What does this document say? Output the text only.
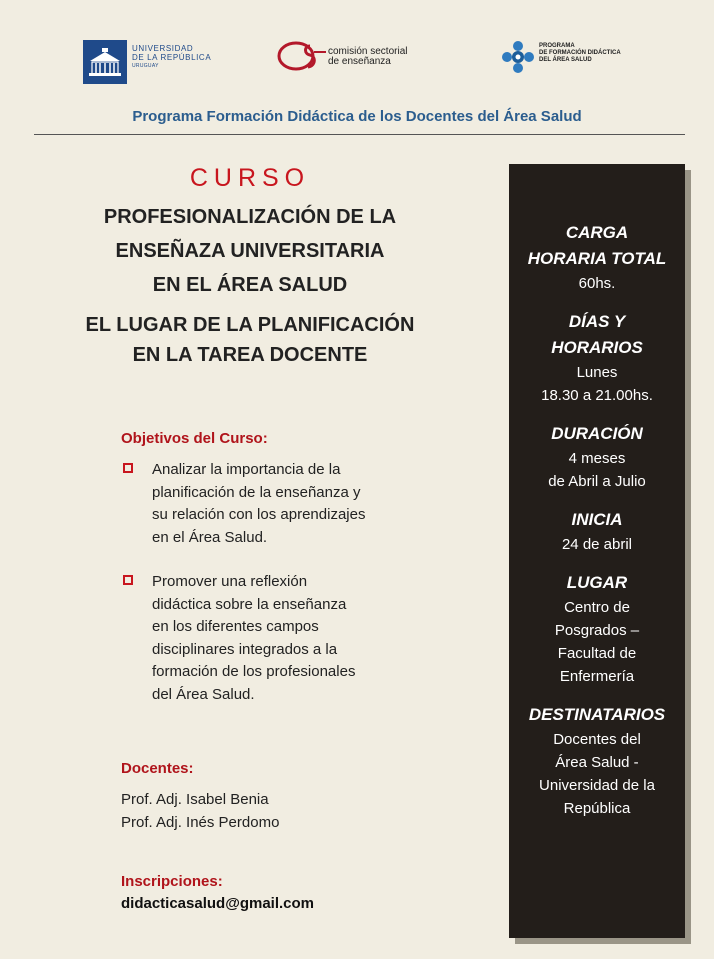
UNIVERSIDAD
DE LA REPÚBLICA
URUGUAY
comisión sectorial
de enseñanza
PROGRAMA
DE FORMACIÓN DIDÁCTICA
DEL ÁREA SALUD
Programa Formación Didáctica de los Docentes del Área Salud
CURSO
PROFESIONALIZACIÓN DE LA
ENSEÑAZA UNIVERSITARIA
EN EL ÁREA SALUD
EL LUGAR DE LA PLANIFICACIÓN
EN LA TAREA DOCENTE
Objetivos del Curso:
Analizar la importancia de la
planificación de la enseñanza y
su relación con los aprendizajes
en el Área Salud.
Promover una reflexión
didáctica sobre la enseñanza
en los diferentes campos
disciplinares integrados a la
formación de los profesionales
del Área Salud.
Docentes:
Prof. Adj. Isabel Benia
Prof. Adj. Inés Perdomo
Inscripciones:
didacticasalud@gmail.com
CARGA
HORARIA TOTAL
60hs.
DÍAS Y
HORARIOS
Lunes
18.30 a 21.00hs.
DURACIÓN
4 meses
de Abril a Julio
INICIA
24 de abril
LUGAR
Centro de
Posgrados –
Facultad de
Enfermería
DESTINATARIOS
Docentes del
Área Salud -
Universidad de la
República
